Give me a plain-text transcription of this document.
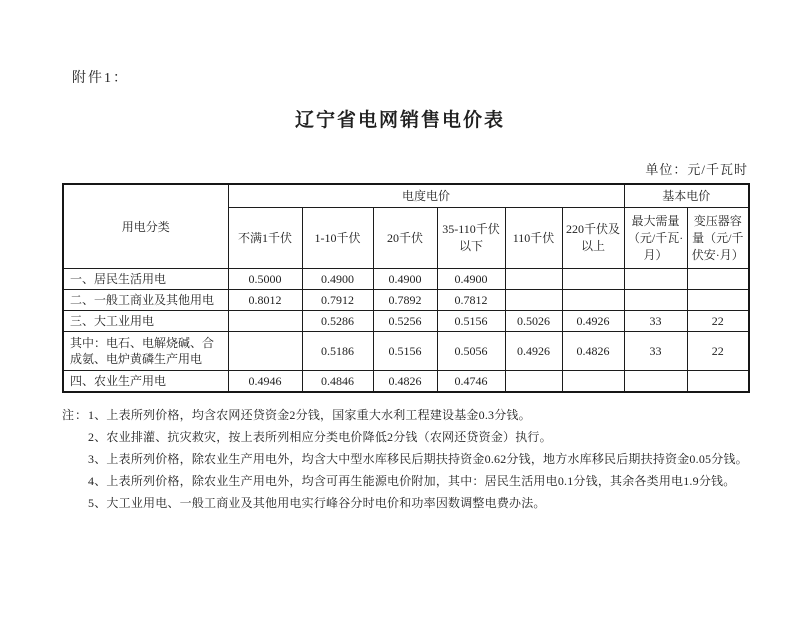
附件1：
辽宁省电网销售电价表
单位：元/千瓦时
用电分类	电度电价						基本电价	
	不满1千伏	1-10千伏	20千伏	35-110千伏以下	110千伏	220千伏及以上	最大需量（元/千瓦·月）	变压器容量（元/千伏安·月）
一、居民生活用电	0.5000	0.4900	0.4900	0.4900				
二、一般工商业及其他用电	0.8012	0.7912	0.7892	0.7812				
三、大工业用电		0.5286	0.5256	0.5156	0.5026	0.4926	33	22
其中：电石、电解烧碱、合成氨、电炉黄磷生产用电		0.5186	0.5156	0.5056	0.4926	0.4826	33	22
四、农业生产用电	0.4946	0.4846	0.4826	0.4746				
注： 1、上表所列价格，均含农网还贷资金2分钱，国家重大水利工程建设基金0.3分钱。
2、农业排灌、抗灾救灾，按上表所列相应分类电价降低2分钱（农网还贷资金）执行。
3、上表所列价格，除农业生产用电外，均含大中型水库移民后期扶持资金0.62分钱，地方水库移民后期扶持资金0.05分钱。
4、上表所列价格，除农业生产用电外，均含可再生能源电价附加，其中：居民生活用电0.1分钱，其余各类用电1.9分钱。
5、大工业用电、一般工商业及其他用电实行峰谷分时电价和功率因数调整电费办法。
